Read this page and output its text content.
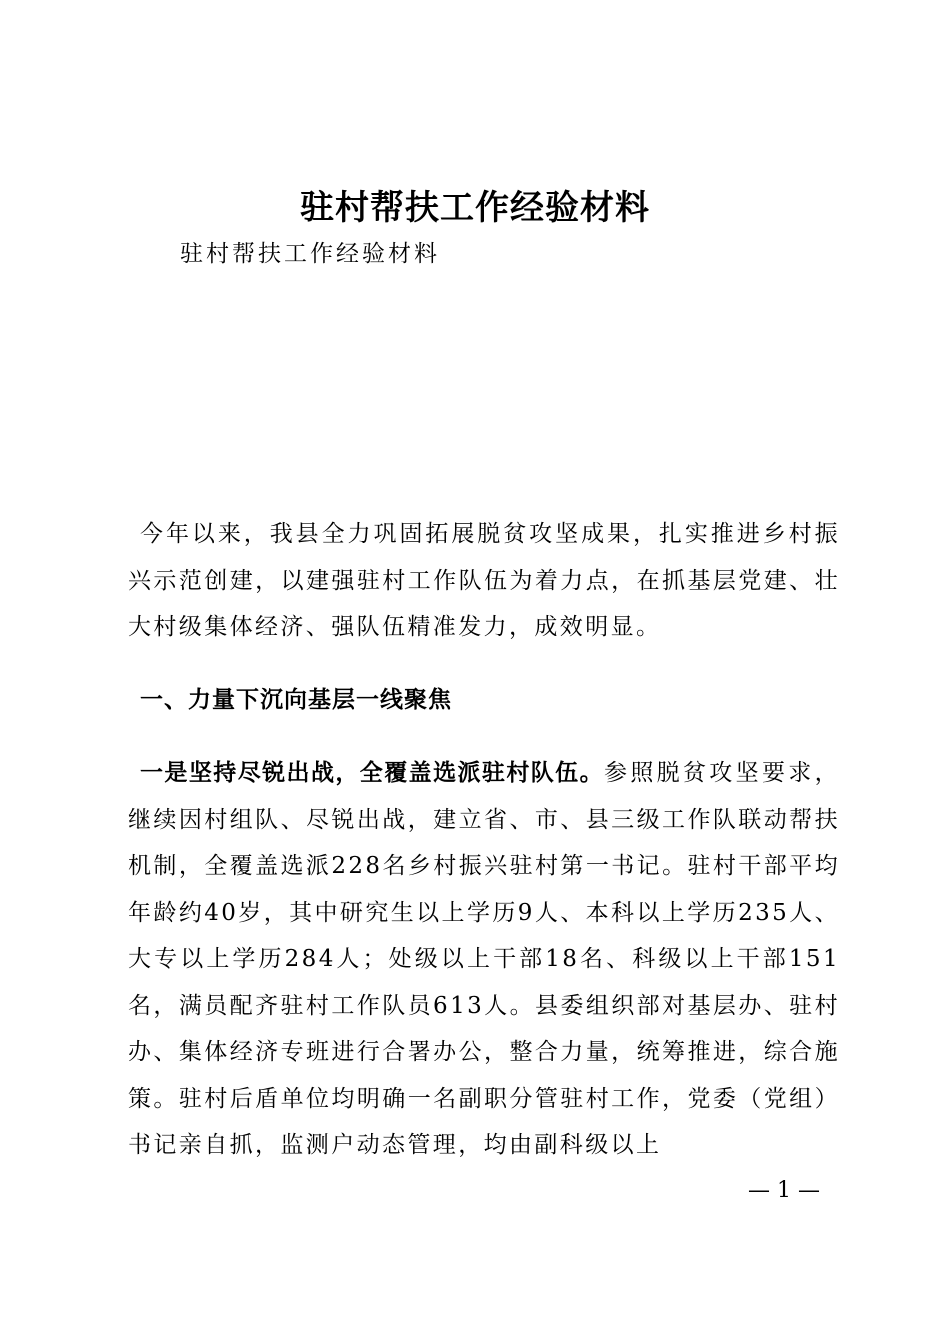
驻村帮扶工作经验材料
驻村帮扶工作经验材料
今年以来，我县全力巩固拓展脱贫攻坚成果，扎实推进乡村振兴示范创建，以建强驻村工作队伍为着力点，在抓基层党建、壮大村级集体经济、强队伍精准发力，成效明显。
一、力量下沉向基层一线聚焦
一是坚持尽锐出战，全覆盖选派驻村队伍。参照脱贫攻坚要求，继续因村组队、尽锐出战，建立省、市、县三级工作队联动帮扶机制，全覆盖选派228名乡村振兴驻村第一书记。驻村干部平均年龄约40岁，其中研究生以上学历9人、本科以上学历235人、大专以上学历284人；处级以上干部18名、科级以上干部151名，满员配齐驻村工作队员613人。县委组织部对基层办、驻村办、集体经济专班进行合署办公，整合力量，统筹推进，综合施策。驻村后盾单位均明确一名副职分管驻村工作，党委（党组）书记亲自抓，监测户动态管理，均由副科级以上
— 1 —
